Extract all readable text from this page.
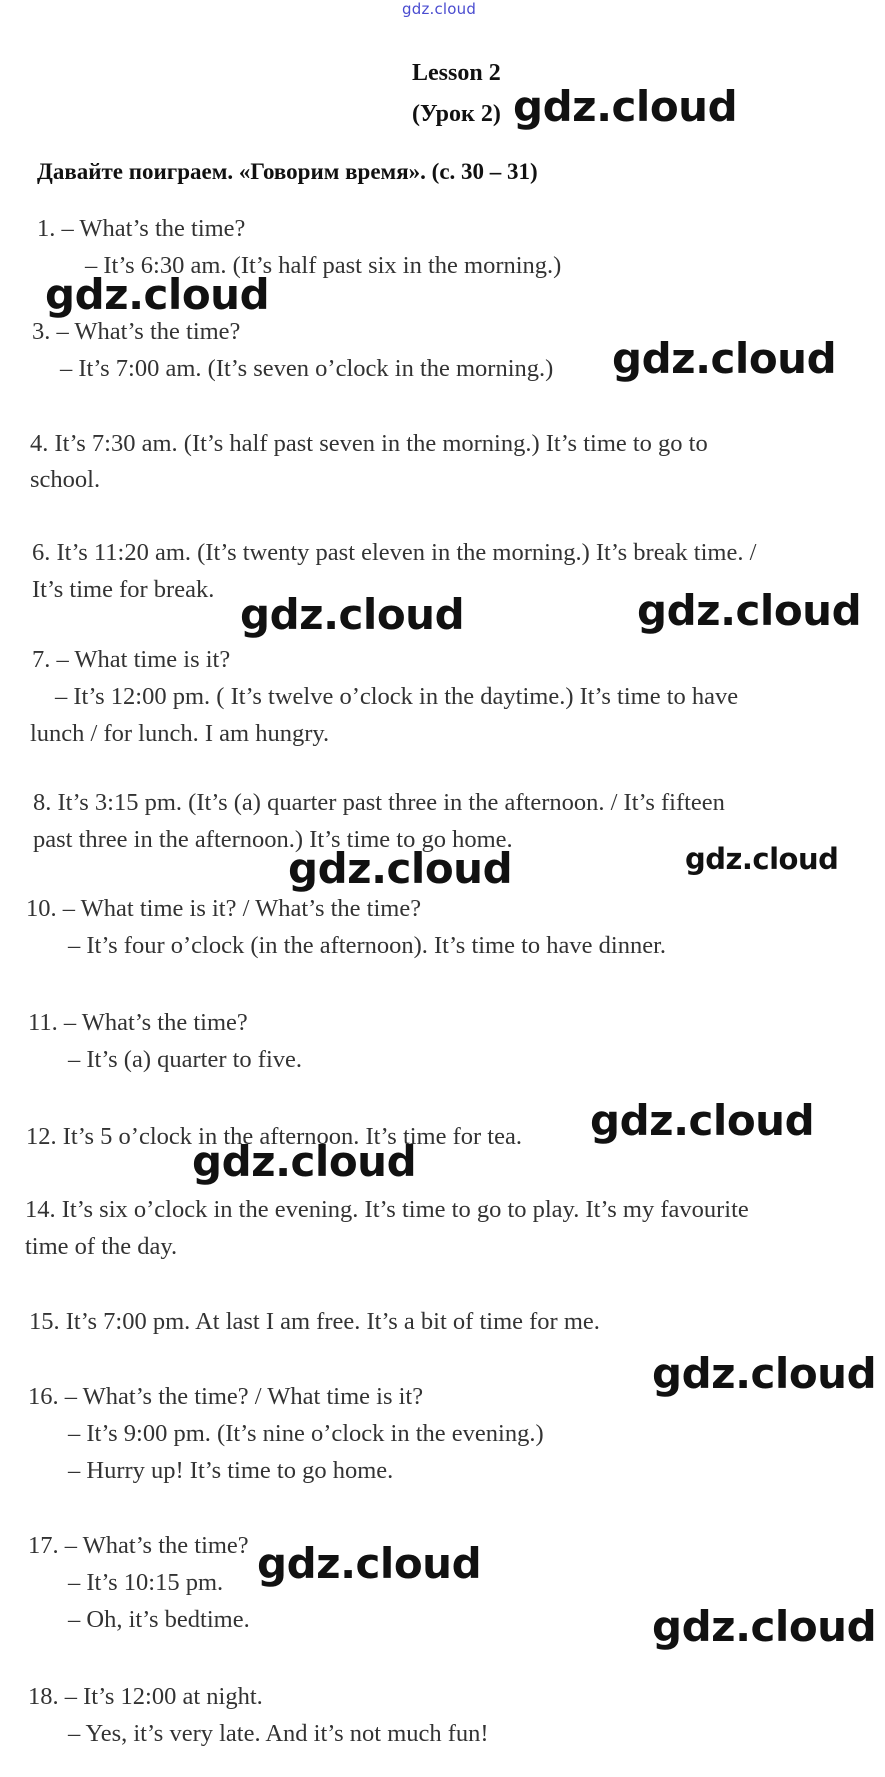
gdz.cloud
Lesson 2
(Урок 2)
Давайте поиграем. «Говорим время». (с. 30 – 31)
1. – What’s the time?
– It’s 6:30 am. (It’s half past six in the morning.)
3. – What’s the time?
– It’s 7:00 am. (It’s seven o’clock in the morning.)
4. It’s 7:30 am. (It’s half past seven in the morning.) It’s time to go to
school.
6. It’s 11:20 am. (It’s twenty past eleven in the morning.) It’s break time. /
It’s time for break.
7. – What time is it?
– It’s 12:00 pm. ( It’s twelve o’clock in the daytime.) It’s time to have
lunch / for lunch. I am hungry.
8. It’s 3:15 pm. (It’s (a) quarter past three in the afternoon. / It’s fifteen
past three in the afternoon.) It’s time to go home.
10. – What time is it? / What’s the time?
– It’s four o’clock (in the afternoon). It’s time to have dinner.
11. – What’s the time?
– It’s (a) quarter to five.
12. It’s 5 o’clock in the afternoon. It’s time for tea.
14. It’s six o’clock in the evening. It’s time to go to play. It’s my favourite
time of the day.
15. It’s 7:00 pm. At last I am free. It’s a bit of time for me.
16. – What’s the time? / What time is it?
– It’s 9:00 pm. (It’s nine o’clock in the evening.)
– Hurry up! It’s time to go home.
17. – What’s the time?
– It’s 10:15 pm.
– Oh, it’s bedtime.
18. – It’s 12:00 at night.
– Yes, it’s very late. And it’s not much fun!
gdz.cloud
gdz.cloud
gdz.cloud
gdz.cloud	gdz.cloud
gdz.cloud	gdz.cloud
gdz.cloud
gdz.cloud
gdz.cloud
gdz.cloud
gdz.cloud
